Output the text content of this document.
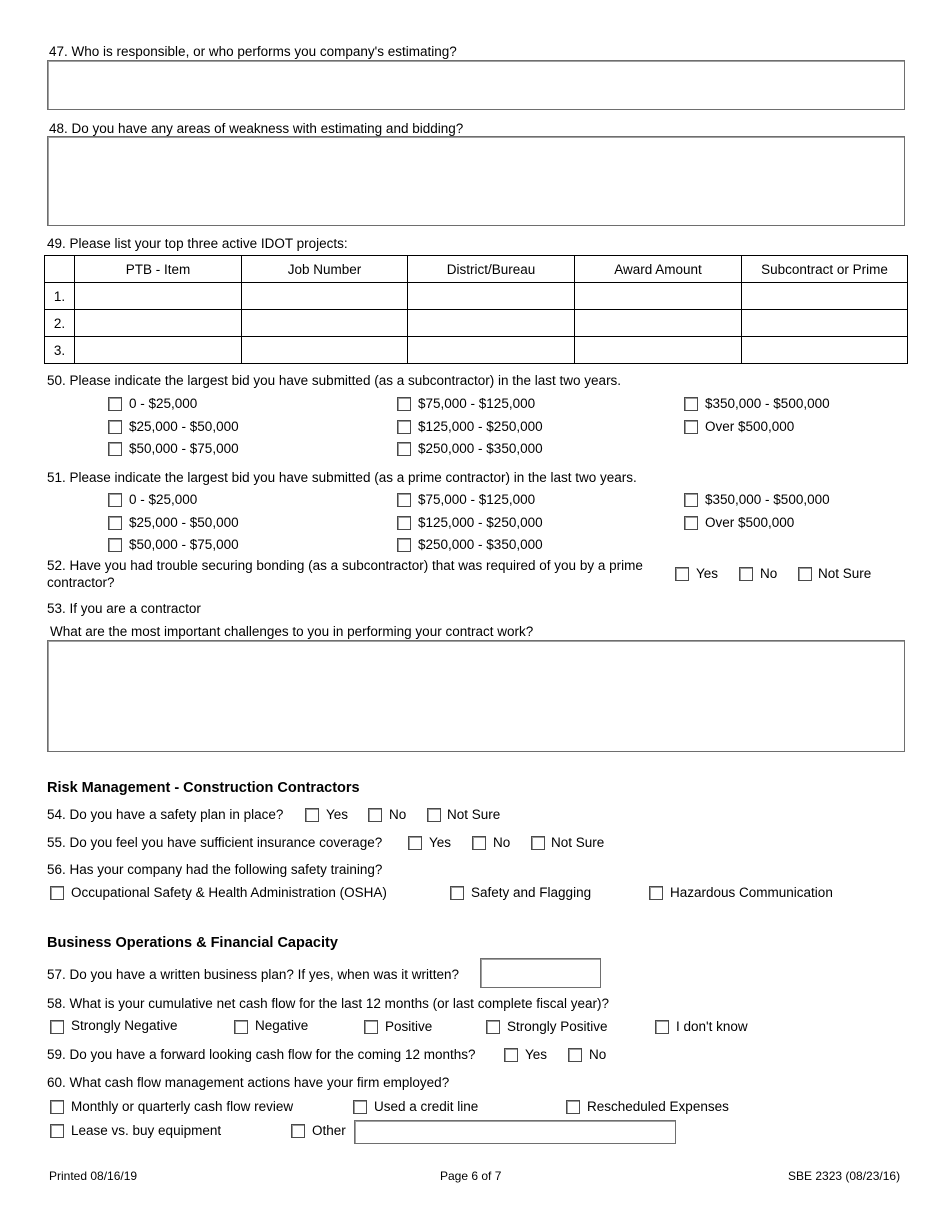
47. Who is responsible, or who performs you company's estimating?
48. Do you have any areas of weakness with estimating and bidding?
49. Please list your top three active IDOT projects:
	PTB - Item	Job Number	District/Bureau	Award Amount	Subcontract or Prime
1.					
2.					
3.					
50. Please indicate the largest bid you have submitted (as a subcontractor) in the last two years.
0 - $25,000
$25,000 - $50,000
$50,000 - $75,000
$75,000 - $125,000
$125,000 - $250,000
$250,000 - $350,000
$350,000 - $500,000
Over $500,000
51. Please indicate the largest bid you have submitted (as a prime contractor) in the last two years.
0 - $25,000
$25,000 - $50,000
$50,000 - $75,000
$75,000 - $125,000
$125,000 - $250,000
$250,000 - $350,000
$350,000 - $500,000
Over $500,000
52. Have you had trouble securing bonding (as a subcontractor) that was required of you by a prime
contractor?
Yes	No	Not Sure
53. If you are a contractor
What are the most important challenges to you in performing your contract work?
Risk Management - Construction Contractors
54. Do you have a safety plan in place?	Yes	No	Not Sure
55. Do you feel you have sufficient insurance coverage?	Yes	No	Not Sure
56. Has your company had the following safety training?
Occupational Safety & Health Administration (OSHA)	Safety and Flagging	Hazardous Communication
Business Operations & Financial Capacity
57. Do you have a written business plan? If yes, when was it written?
58. What is your cumulative net cash flow for the last 12 months (or last complete fiscal year)?
Strongly Negative	Negative	Positive	Strongly Positive	I don't know
59. Do you have a forward looking cash flow for the coming 12 months?	Yes	No
60. What cash flow management actions have your firm employed?
Monthly or quarterly cash flow review	Used a credit line	Rescheduled Expenses
Lease vs. buy equipment	Other
Printed 08/16/19	Page 6 of 7	SBE 2323 (08/23/16)
